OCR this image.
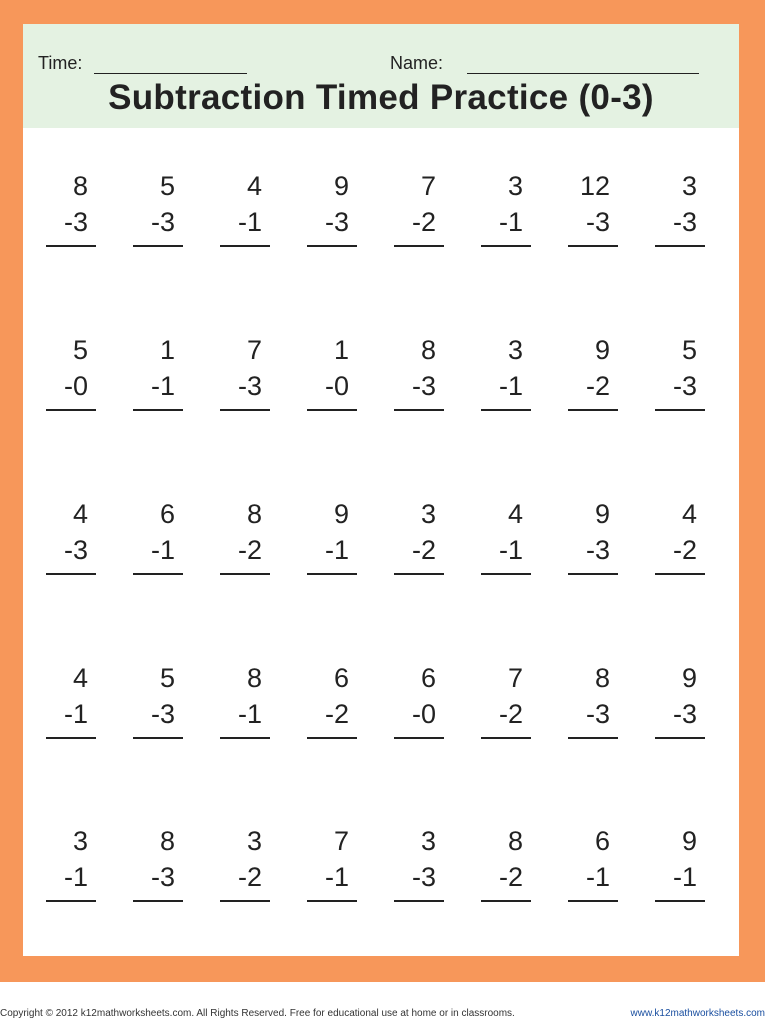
Time:	Name:
Subtraction Timed Practice (0-3)
8
-3
5
-3
4
-1
9
-3
7
-2
3
-1
12
-3
3
-3
5
-0
1
-1
7
-3
1
-0
8
-3
3
-1
9
-2
5
-3
4
-3
6
-1
8
-2
9
-1
3
-2
4
-1
9
-3
4
-2
4
-1
5
-3
8
-1
6
-2
6
-0
7
-2
8
-3
9
-3
3
-1
8
-3
3
-2
7
-1
3
-3
8
-2
6
-1
9
-1
Copyright © 2012 k12mathworksheets.com. All Rights Reserved. Free for educational use at home or in classrooms.	www.k12mathworksheets.com
